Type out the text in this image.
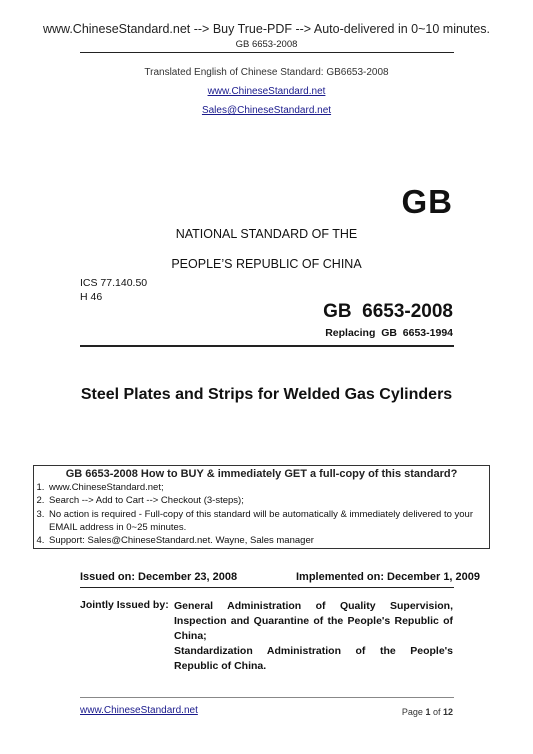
www.ChineseStandard.net --> Buy True-PDF --> Auto-delivered in 0~10 minutes.
GB 6653-2008
Translated English of Chinese Standard: GB6653-2008
www.ChineseStandard.net
Sales@ChineseStandard.net
GB
NATIONAL STANDARD OF THE
PEOPLE’S REPUBLIC OF CHINA
ICS 77.140.50
H 46
GB  6653-2008
Replacing  GB  6653-1994
Steel Plates and Strips for Welded Gas Cylinders
GB 6653-2008 How to BUY & immediately GET a full-copy of this standard?
1. www.ChineseStandard.net;
2. Search --> Add to Cart --> Checkout (3-steps);
3. No action is required - Full-copy of this standard will be automatically & immediately delivered to your EMAIL address in 0~25 minutes.
4. Support: Sales@ChineseStandard.net. Wayne, Sales manager
Issued on: December 23, 2008	Implemented on: December 1, 2009
Jointly Issued by: General Administration of Quality Supervision, Inspection and Quarantine of the People's Republic of China;

Standardization Administration of the People's Republic of China.

www.ChineseStandard.net	Page 1 of 12
